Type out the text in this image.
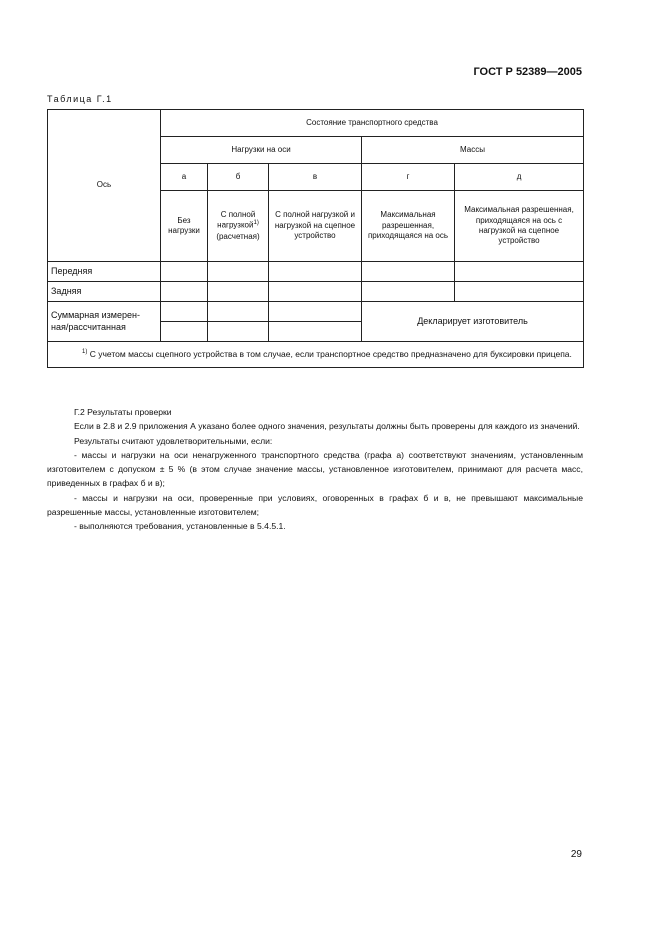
ГОСТ Р 52389—2005
Таблица Г.1
Ось	Состояние транспортного средства				
	Нагрузки на оси			Массы	
	а	б	в	г	д
	Без нагрузки	С полной нагрузкой$^{1)}$ (расчетная)	С полной нагрузкой и нагрузкой на сцепное устройство	Максимальная разрешенная, приходящаяся на ось	Максимальная разрешенная, приходящаяся на ось с нагрузкой на сцепное устройство
Передняя					
Задняя					
Суммарная измерен-ная/рассчитанная				Декларирует изготовитель	

$^{1)}$ С учетом массы сцепного устройства в том случае, если транспортное средство предназначено для буксировки прицепа.					

Г.2 Результаты проверки

Если в 2.8 и 2.9 приложения А указано более одного значения, результаты должны быть проверены для каждого из значений.

Результаты считают удовлетворительными, если:

- массы и нагрузки на оси ненагруженного транспортного средства (графа а) соответствуют значениям, установленным изготовителем с допуском ± 5 % (в этом случае значение массы, установленное изготовителем, принимают для расчета масс, приведенных в графах б и в);

- массы и нагрузки на оси, проверенные при условиях, оговоренных в графах б и в, не превышают максимальные разрешенные массы, установленные изготовителем;

- выполняются требования, установленные в 5.4.5.1.

29
